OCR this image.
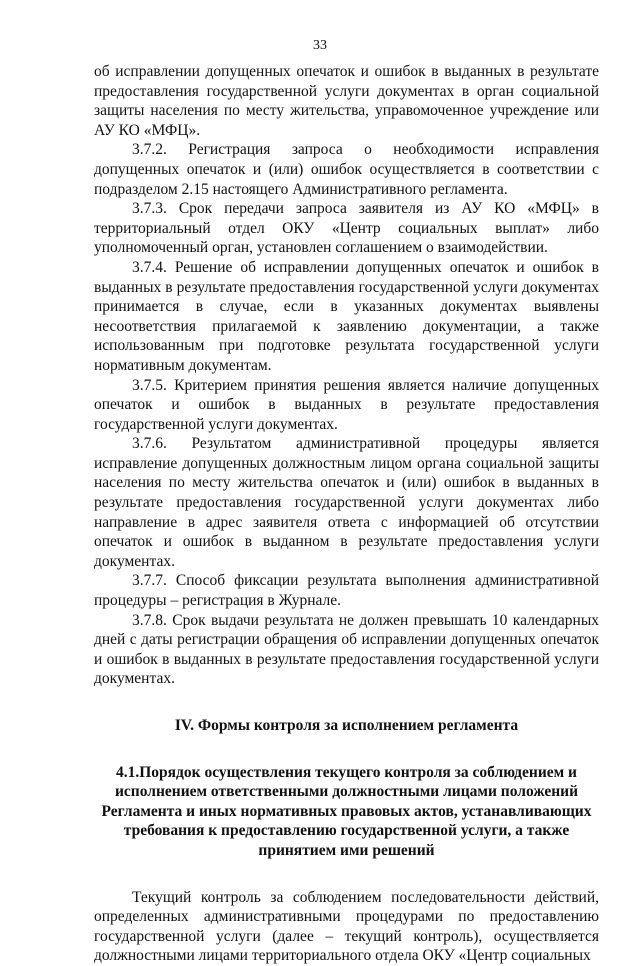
33

об исправлении допущенных опечаток и ошибок в выданных в результате предоставления государственной услуги документах в орган социальной защиты населения по месту жительства, управомоченное учреждение или АУ КО «МФЦ».

3.7.2. Регистрация запроса о необходимости исправления допущенных опечаток и (или) ошибок осуществляется в соответствии с подразделом 2.15 настоящего Административного регламента.

3.7.3. Срок передачи запроса заявителя из АУ КО «МФЦ» в территориальный отдел ОКУ «Центр социальных выплат» либо уполномоченный орган, установлен соглашением о взаимодействии.

3.7.4. Решение об исправлении допущенных опечаток и ошибок в выданных в результате предоставления государственной услуги документах принимается в случае, если в указанных документах выявлены несоответствия прилагаемой к заявлению документации, а также использованным при подготовке результата государственной услуги нормативным документам.

3.7.5. Критерием принятия решения является наличие допущенных опечаток и ошибок в выданных в результате предоставления государственной услуги документах.

3.7.6. Результатом административной процедуры является исправление допущенных должностным лицом органа социальной защиты населения по месту жительства опечаток и (или) ошибок в выданных в результате предоставления государственной услуги документах либо направление в адрес заявителя ответа с информацией об отсутствии опечаток и ошибок в выданном в результате предоставления услуги документах.

3.7.7. Способ фиксации результата выполнения административной процедуры – регистрация в Журнале.

3.7.8. Срок выдачи результата не должен превышать 10 календарных дней с даты регистрации обращения об исправлении допущенных опечаток и ошибок в выданных в результате предоставления государственной услуги документах.

IV. Формы контроля за исполнением регламента

4.1.Порядок осуществления текущего контроля за соблюдением и исполнением ответственными должностными лицами положений Регламента и иных нормативных правовых актов, устанавливающих требования к предоставлению государственной услуги, а также принятием ими решений

Текущий контроль за соблюдением последовательности действий, определенных административными процедурами по предоставлению государственной услуги (далее – текущий контроль), осуществляется должностными лицами территориального отдела ОКУ «Центр социальных
